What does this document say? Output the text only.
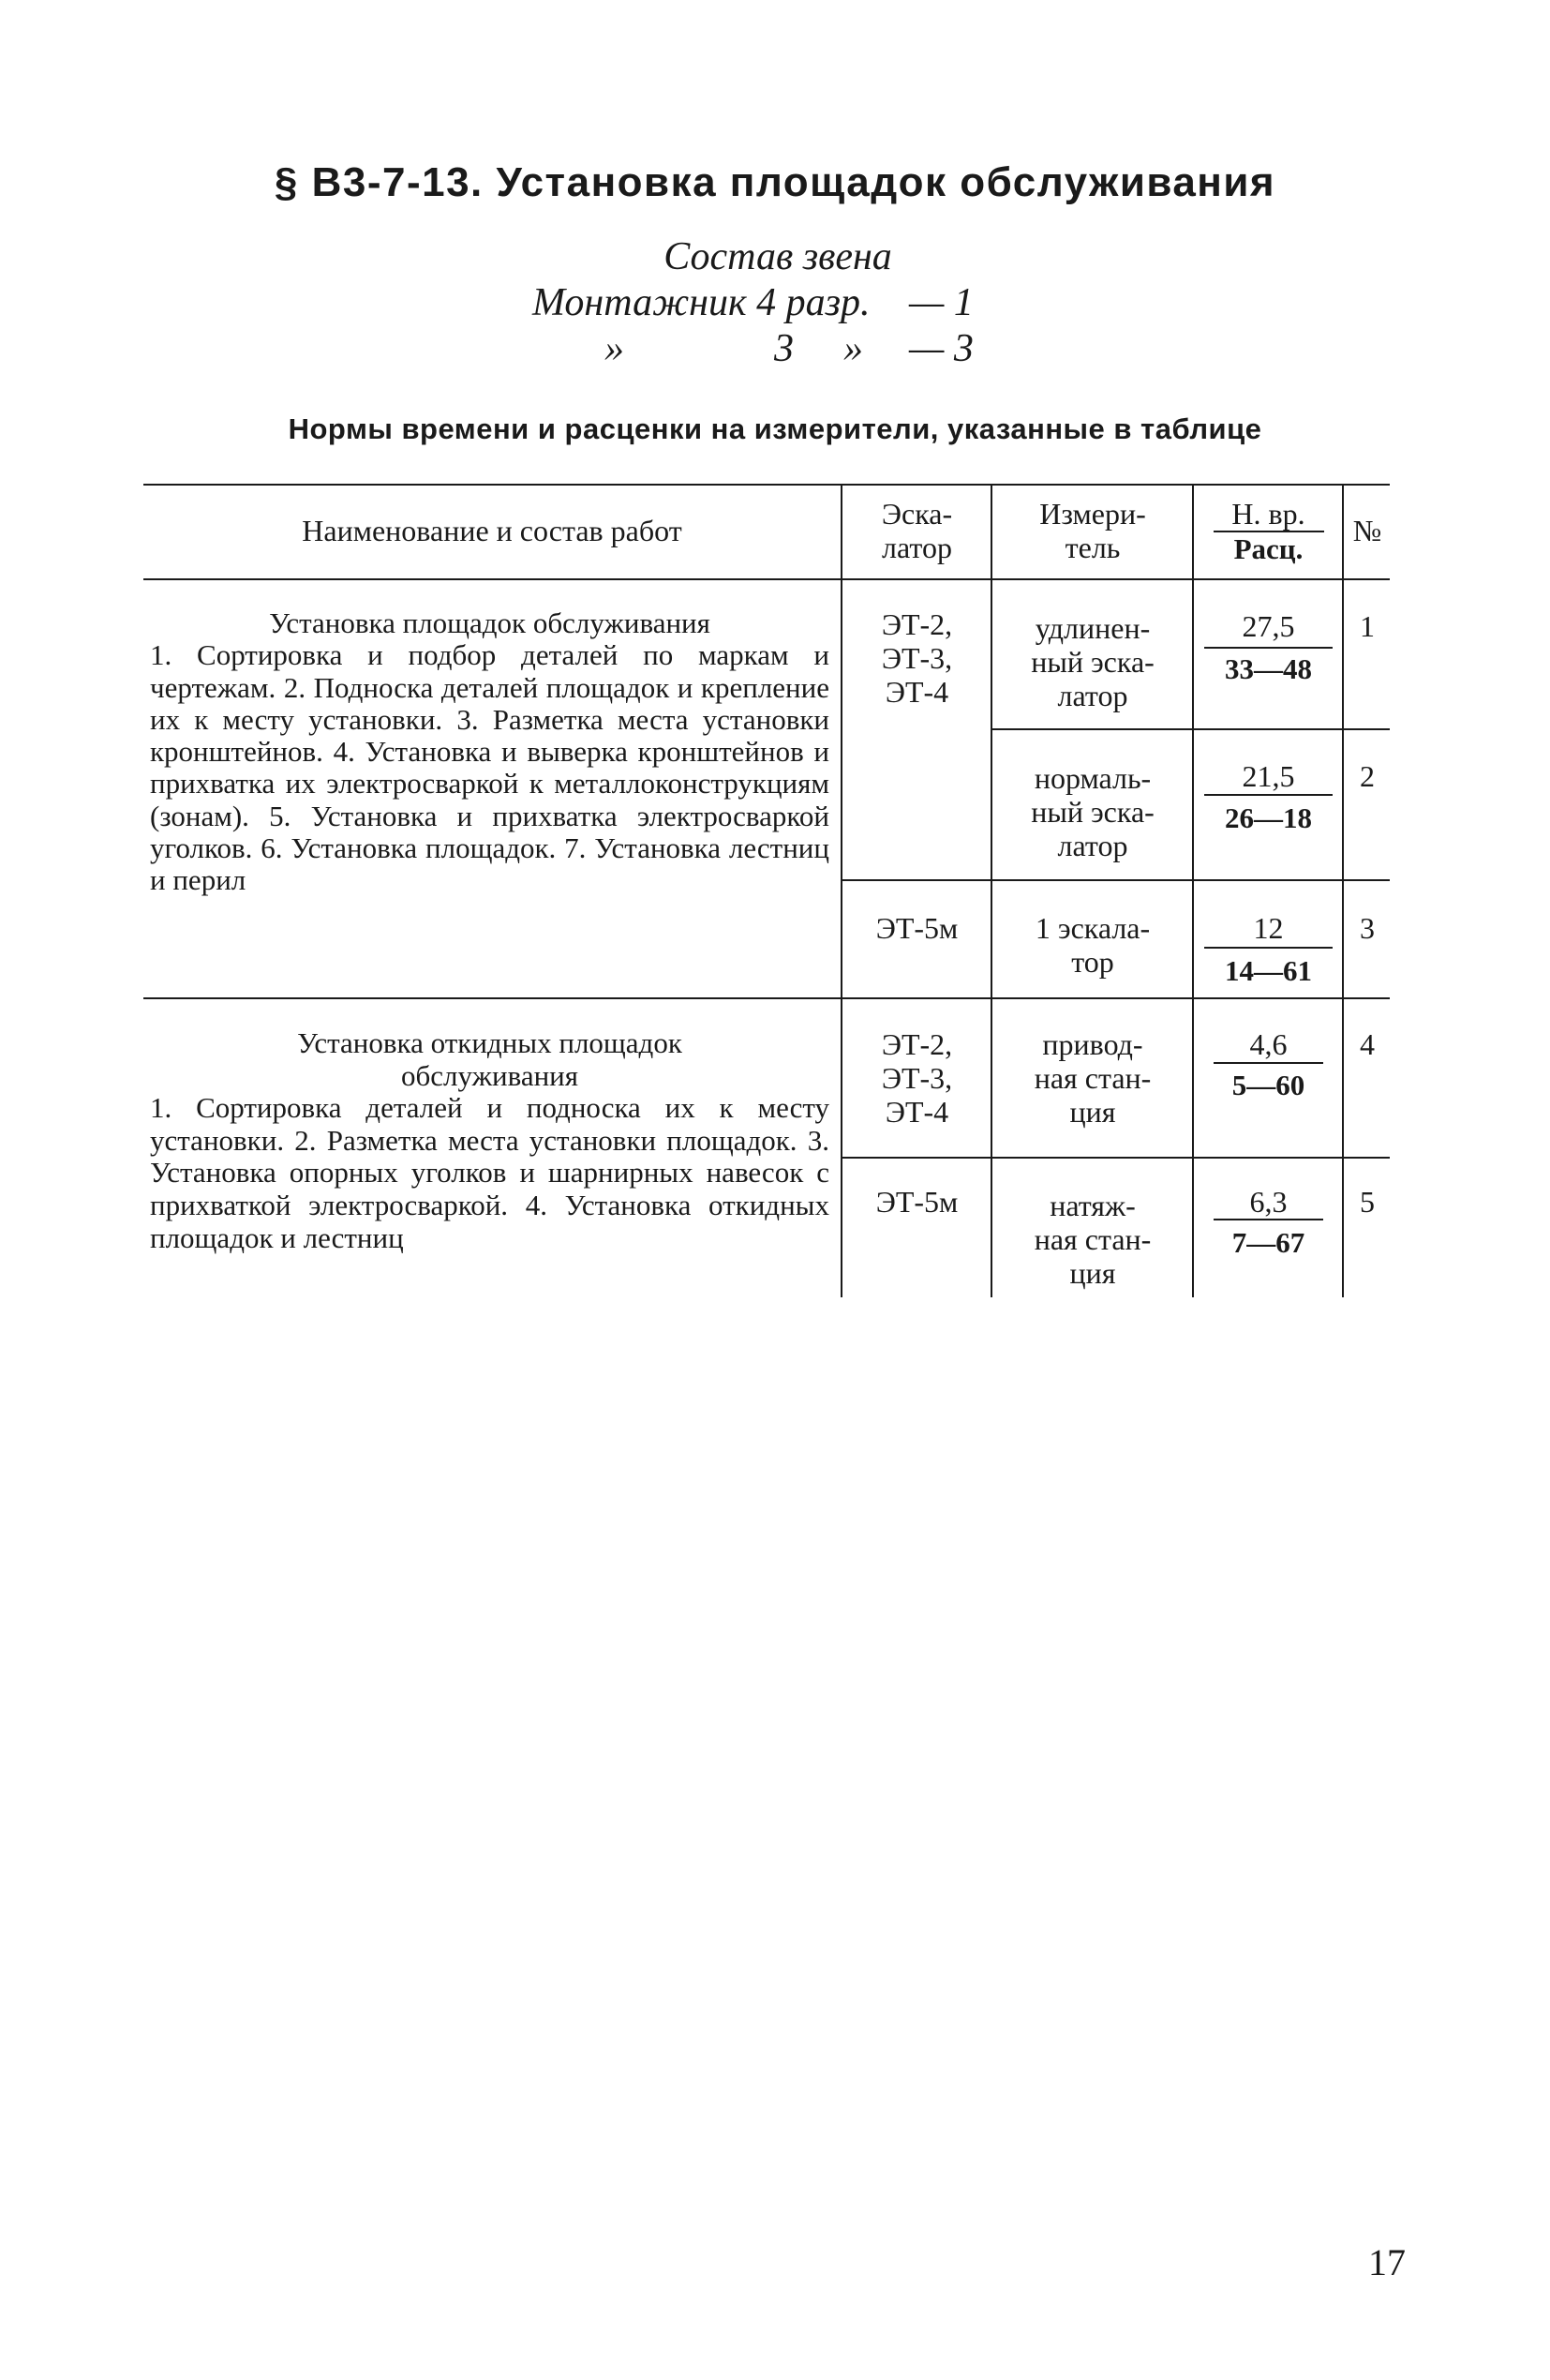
§ В3-7-13. Установка площадок обслуживания
Состав звена
Монтажник 4 разр. — 1
»	3 » — 3
Нормы времени и расценки на измерители, указанные в таблице
Наименование и состав работ	Эска-
латор
Измери-
тель
Н. вр.
Расц.
№
Установка площадок обслуживания
1. Сортировка и подбор деталей по маркам и чертежам. 2. Подноска деталей площадок и крепление их к месту установки. 3. Разметка места установки кронштейнов. 4. Установка и выверка кронштейнов и прихватка их электросваркой к металлоконструкциям (зонам). 5. Установка и прихватка электросваркой уголков. 6. Установка площадок. 7. Установка лестниц и перил
Установка откидных площадок обслуживания
1. Сортировка деталей и подноска их к месту установки. 2. Разметка места установки площадок. 3. Установка опорных уголков и шарнирных навесок с прихваткой электросваркой. 4. Установка откидных площадок и лестниц
ЭТ-2,
ЭТ-3,
ЭТ-4
ЭТ-5м
ЭТ-2,
ЭТ-3,
ЭТ-4
ЭТ-5м
удлинен-
ный эска-
латор
27,5
33—48
1
нормаль-
ный эска-
латор
21,5
26—18
2
1 эскала-
тор
12
14—61
3
привод-
ная стан-
ция
4,6
5—60
4
натяж-
ная стан-
ция
6,3
7—67
5
17
